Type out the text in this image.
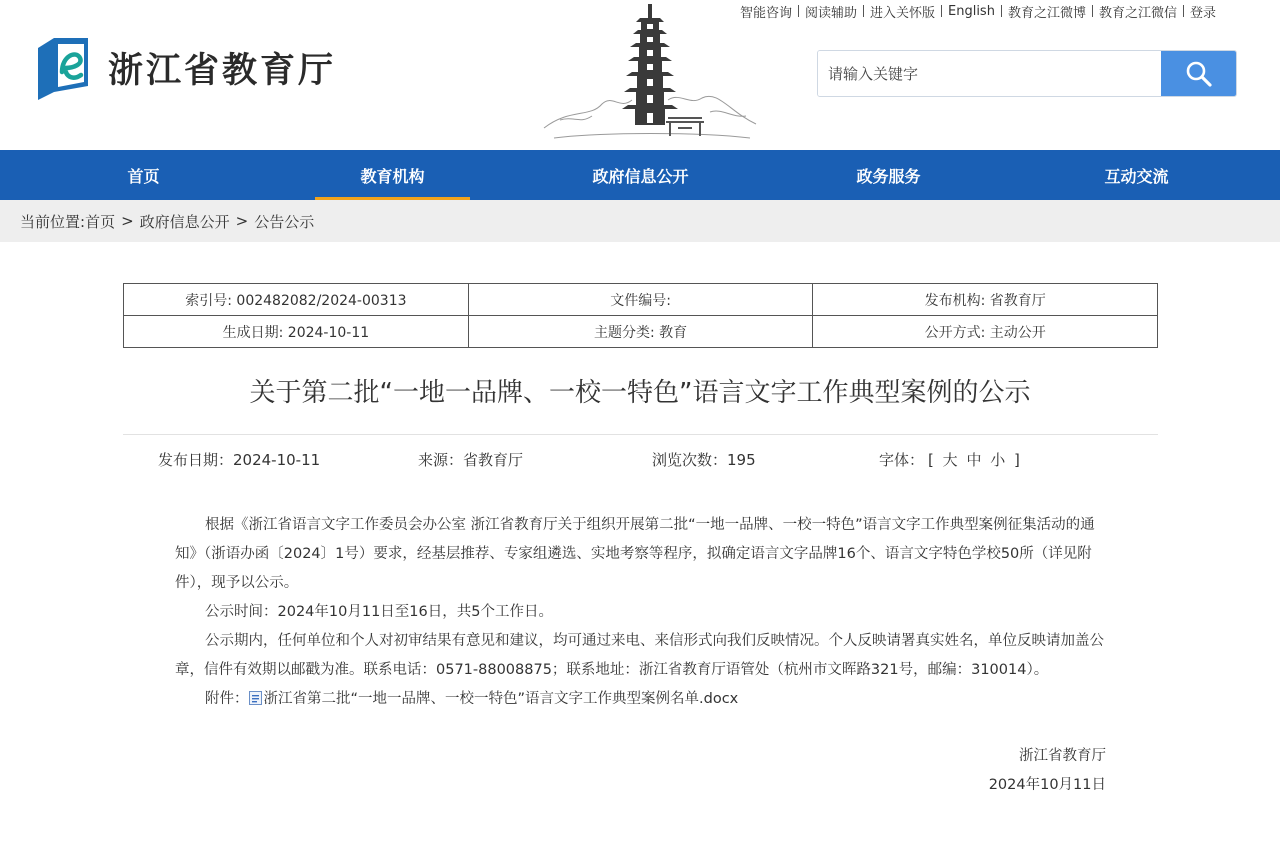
浙江省教育厅
智能咨询	阅读辅助	进入关怀版	English	教育之江微博	教育之江微信	登录
请输入关键字
首页	教育机构	政府信息公开	政务服务	互动交流
当前位置: 首页 > 政府信息公开 > 公告公示
索引号: 002482082/2024-00313	文件编号:	发布机构: 省教育厅
生成日期: 2024-10-11	主题分类: 教育	公开方式: 主动公开
关于第二批“一地一品牌、一校一特色”语言文字工作典型案例的公示
发布日期：2024-10-11	来源：省教育厅	浏览次数：195	字体： [ 大 中 小 ]

根据《浙江省语言文字工作委员会办公室 浙江省教育厅关于组织开展第二批“一地一品牌、一校一特色”语言文字工作典型案例征集活动的通知》（浙语办函〔2024〕1号）要求，经基层推荐、专家组遴选、实地考察等程序，拟确定语言文字品牌16个、语言文字特色学校50所（详见附件），现予以公示。

公示时间：2024年10月11日至16日，共5个工作日。

公示期内，任何单位和个人对初审结果有意见和建议，均可通过来电、来信形式向我们反映情况。个人反映请署真实姓名，单位反映请加盖公章，信件有效期以邮戳为准。联系电话：0571-88008875；联系地址：浙江省教育厅语管处（杭州市文晖路321号，邮编：310014）。

附件： 浙江省第二批“一地一品牌、一校一特色”语言文字工作典型案例名单.docx
浙江省教育厅
2024年10月11日
